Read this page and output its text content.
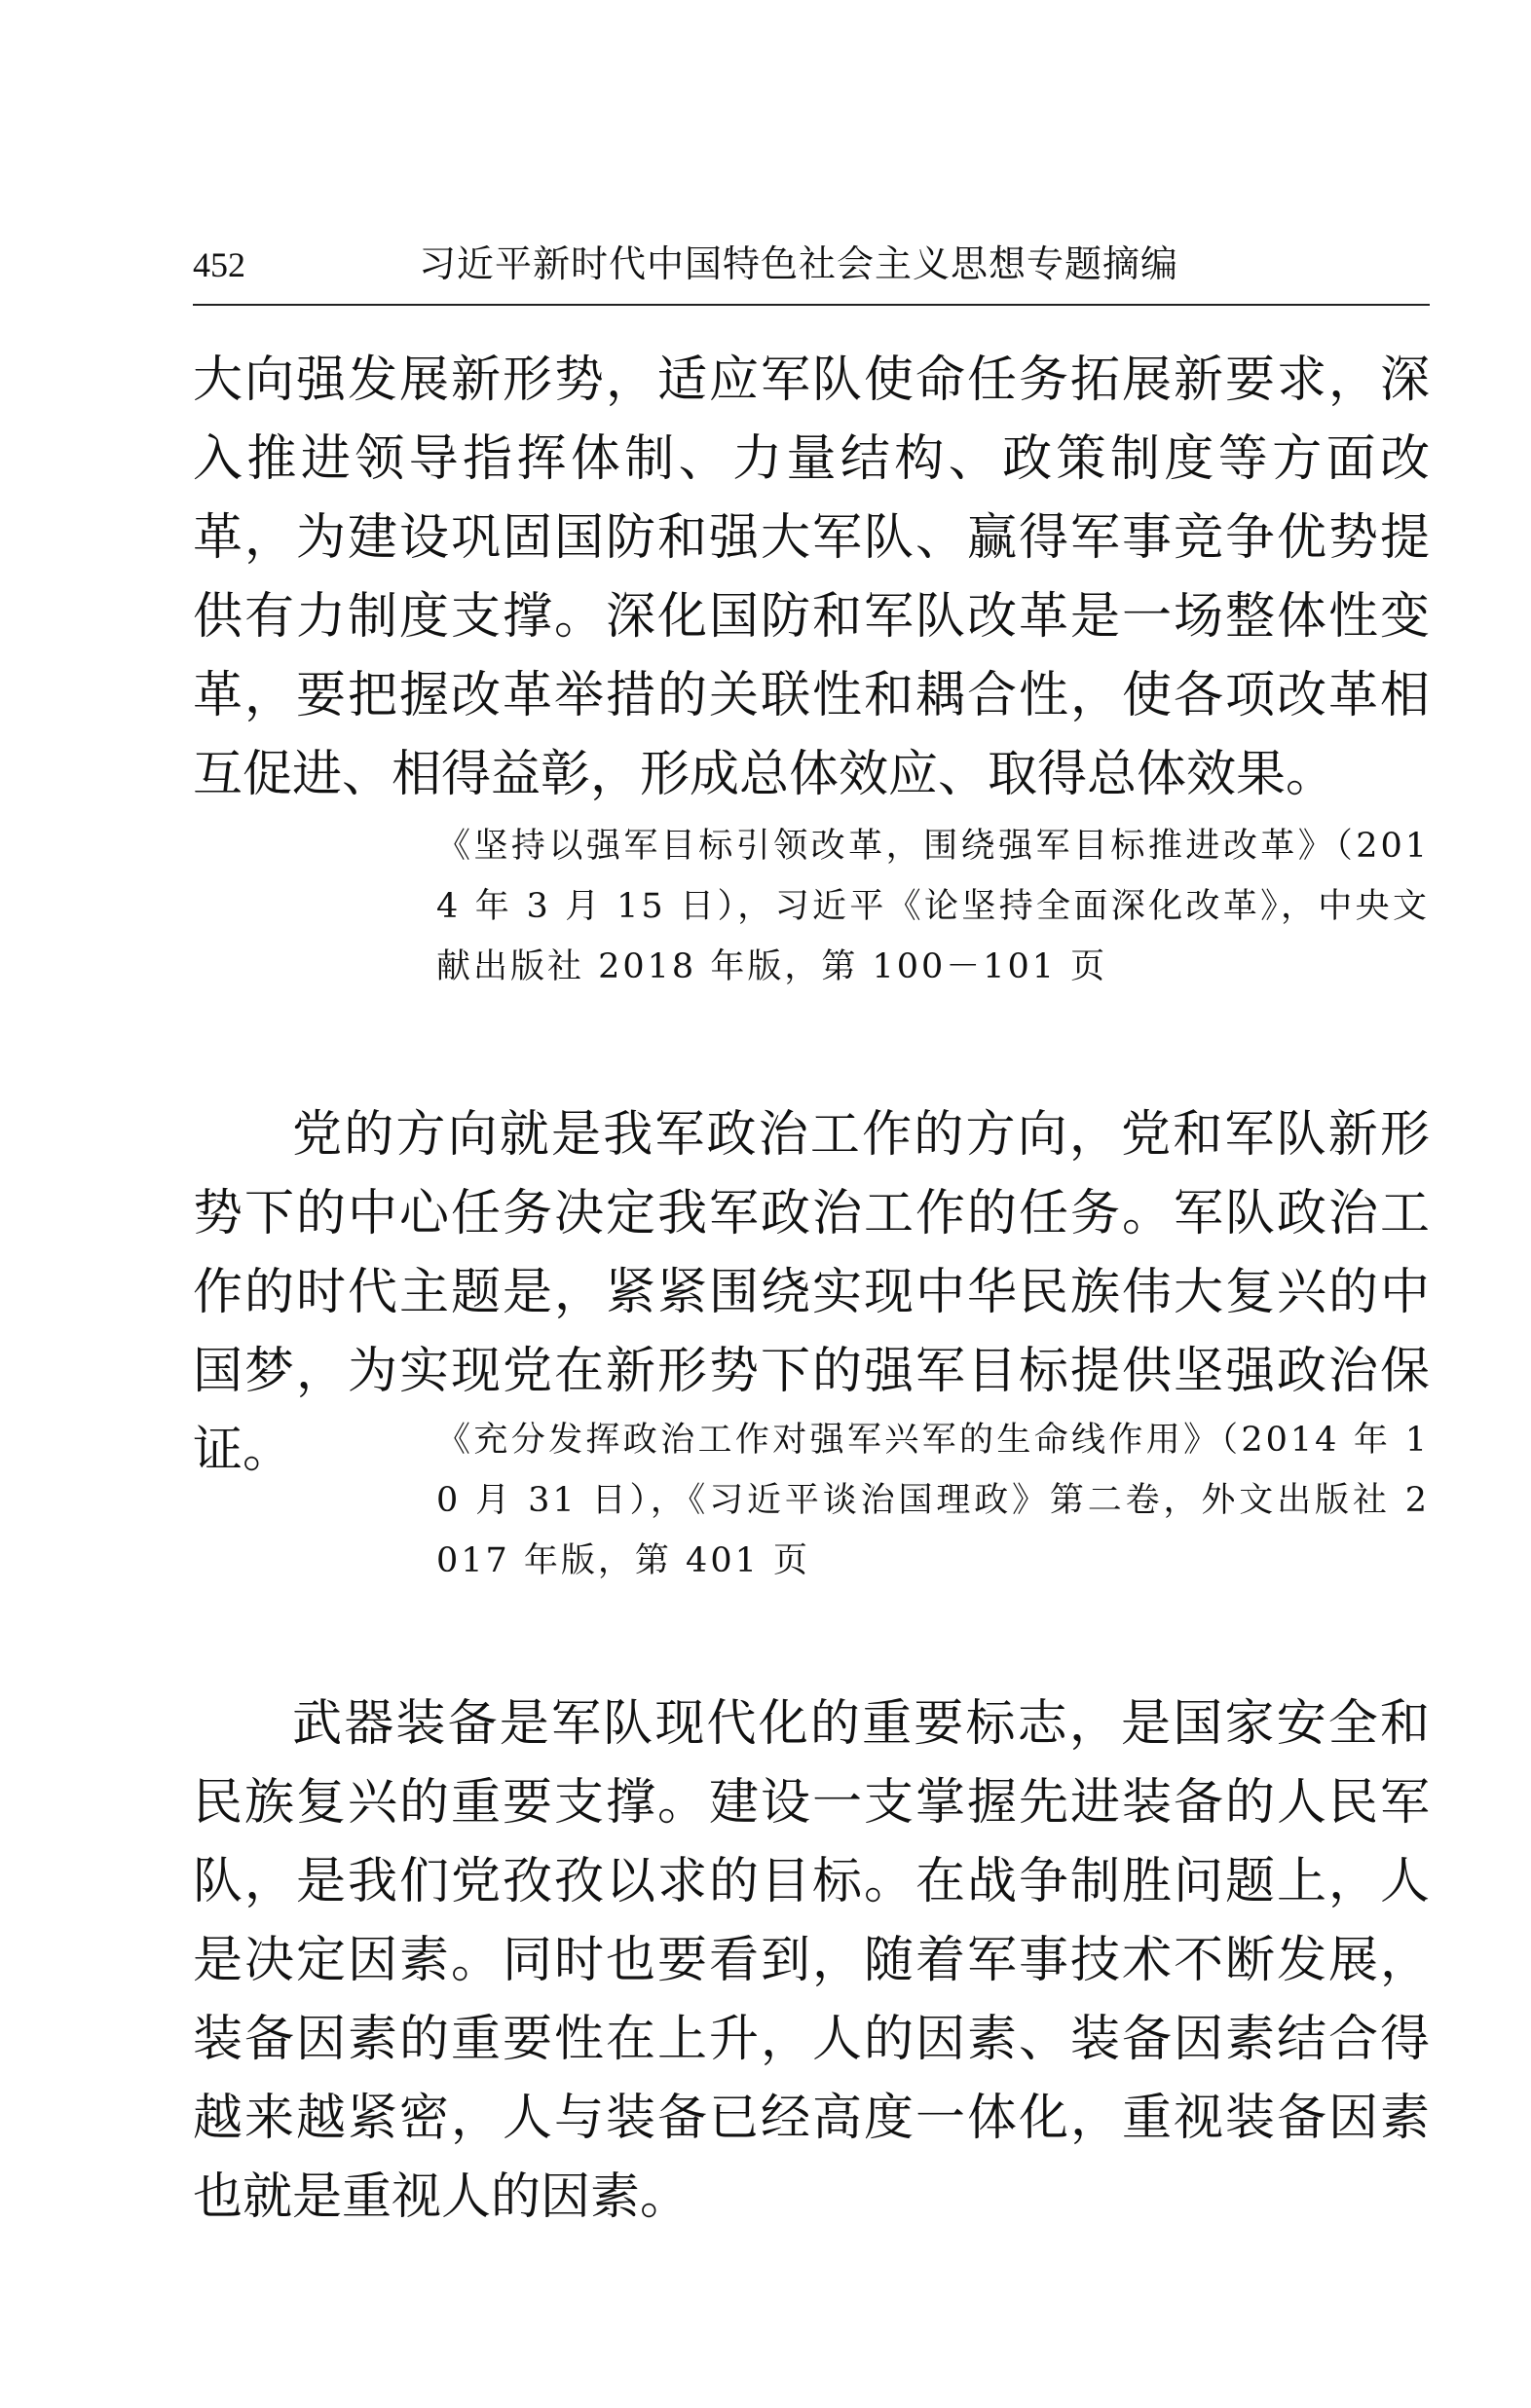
452	习近平新时代中国特色社会主义思想专题摘编

大向强发展新形势，适应军队使命任务拓展新要求，深入推进领导指挥体制、力量结构、政策制度等方面改革，为建设巩固国防和强大军队、赢得军事竞争优势提供有力制度支撑。深化国防和军队改革是一场整体性变革，要把握改革举措的关联性和耦合性，使各项改革相互促进、相得益彰，形成总体效应、取得总体效果。

《坚持以强军目标引领改革，围绕强军目标推进改革》（2014 年 3 月 15 日），习近平《论坚持全面深化改革》，中央文献出版社 2018 年版，第 100－101 页

党的方向就是我军政治工作的方向，党和军队新形势下的中心任务决定我军政治工作的任务。军队政治工作的时代主题是，紧紧围绕实现中华民族伟大复兴的中国梦，为实现党在新形势下的强军目标提供坚强政治保证。	《充分发挥政治工作对强军兴军的生命线作用》（2014 年 10 月 31 日），《习近平谈治国理政》第二卷，外文出版社 2017 年版，第 401 页

武器装备是军队现代化的重要标志，是国家安全和民族复兴的重要支撑。建设一支掌握先进装备的人民军队，是我们党孜孜以求的目标。在战争制胜问题上，人是决定因素。同时也要看到，随着军事技术不断发展，装备因素的重要性在上升，人的因素、装备因素结合得越来越紧密，人与装备已经高度一体化，重视装备因素也就是重视人的因素。
